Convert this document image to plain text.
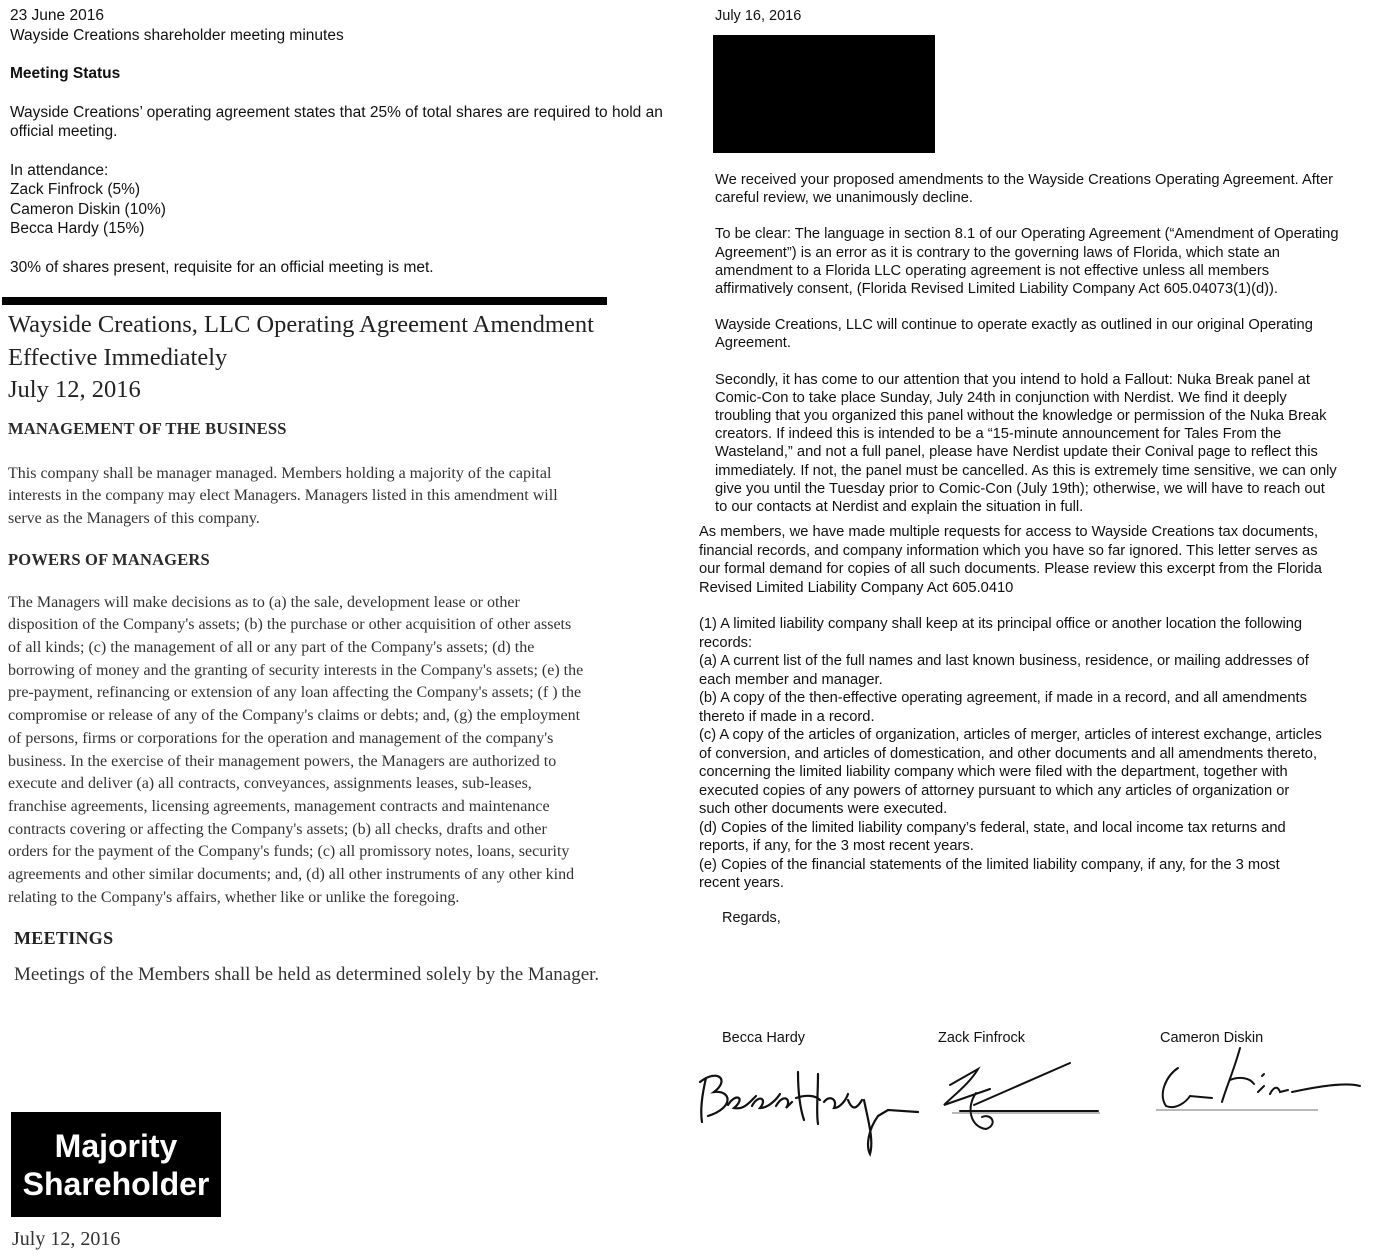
23 June 2016
Wayside Creations shareholder meeting minutes
Meeting Status
Wayside Creations’ operating agreement states that 25% of total shares are required to hold an
official meeting.
In attendance:
Zack Finfrock (5%)
Cameron Diskin (10%)
Becca Hardy (15%)
30% of shares present, requisite for an official meeting is met.
Wayside Creations, LLC Operating Agreement Amendment
Effective Immediately
July 12, 2016
MANAGEMENT OF THE BUSINESS
This company shall be manager managed. Members holding a majority of the capital
interests in the company may elect Managers. Managers listed in this amendment will
serve as the Managers of this company.
POWERS OF MANAGERS
The Managers will make decisions as to (a) the sale, development lease or other
disposition of the Company's assets; (b) the purchase or other acquisition of other assets
of all kinds; (c) the management of all or any part of the Company's assets; (d) the
borrowing of money and the granting of security interests in the Company's assets; (e) the
pre-payment, refinancing or extension of any loan affecting the Company's assets; (f ) the
compromise or release of any of the Company's claims or debts; and, (g) the employment
of persons, firms or corporations for the operation and management of the company's
business. In the exercise of their management powers, the Managers are authorized to
execute and deliver (a) all contracts, conveyances, assignments leases, sub-leases,
franchise agreements, licensing agreements, management contracts and maintenance
contracts covering or affecting the Company's assets; (b) all checks, drafts and other
orders for the payment of the Company's funds; (c) all promissory notes, loans, security
agreements and other similar documents; and, (d) all other instruments of any other kind
relating to the Company's affairs, whether like or unlike the foregoing.
MEETINGS
Meetings of the Members shall be held as determined solely by the Manager.
Majority
Shareholder
July 12, 2016
July 16, 2016
We received your proposed amendments to the Wayside Creations Operating Agreement. After
careful review, we unanimously decline.
To be clear: The language in section 8.1 of our Operating Agreement (“Amendment of Operating
Agreement”) is an error as it is contrary to the governing laws of Florida, which state an
amendment to a Florida LLC operating agreement is not effective unless all members
affirmatively consent, (Florida Revised Limited Liability Company Act 605.04073(1)(d)).
Wayside Creations, LLC will continue to operate exactly as outlined in our original Operating
Agreement.
Secondly, it has come to our attention that you intend to hold a Fallout: Nuka Break panel at
Comic-Con to take place Sunday, July 24th in conjunction with Nerdist. We find it deeply
troubling that you organized this panel without the knowledge or permission of the Nuka Break
creators. If indeed this is intended to be a “15-minute announcement for Tales From the
Wasteland,” and not a full panel, please have Nerdist update their Conival page to reflect this
immediately. If not, the panel must be cancelled. As this is extremely time sensitive, we can only
give you until the Tuesday prior to Comic-Con (July 19th); otherwise, we will have to reach out
to our contacts at Nerdist and explain the situation in full.
As members, we have made multiple requests for access to Wayside Creations tax documents,
financial records, and company information which you have so far ignored. This letter serves as
our formal demand for copies of all such documents. Please review this excerpt from the Florida
Revised Limited Liability Company Act 605.0410
(1) A limited liability company shall keep at its principal office or another location the following
records:
(a) A current list of the full names and last known business, residence, or mailing addresses of
each member and manager.
(b) A copy of the then-effective operating agreement, if made in a record, and all amendments
thereto if made in a record.
(c) A copy of the articles of organization, articles of merger, articles of interest exchange, articles
of conversion, and articles of domestication, and other documents and all amendments thereto,
concerning the limited liability company which were filed with the department, together with
executed copies of any powers of attorney pursuant to which any articles of organization or
such other documents were executed.
(d) Copies of the limited liability company’s federal, state, and local income tax returns and
reports, if any, for the 3 most recent years.
(e) Copies of the financial statements of the limited liability company, if any, for the 3 most
recent years.
Regards,
Becca Hardy	Zack Finfrock	Cameron Diskin
